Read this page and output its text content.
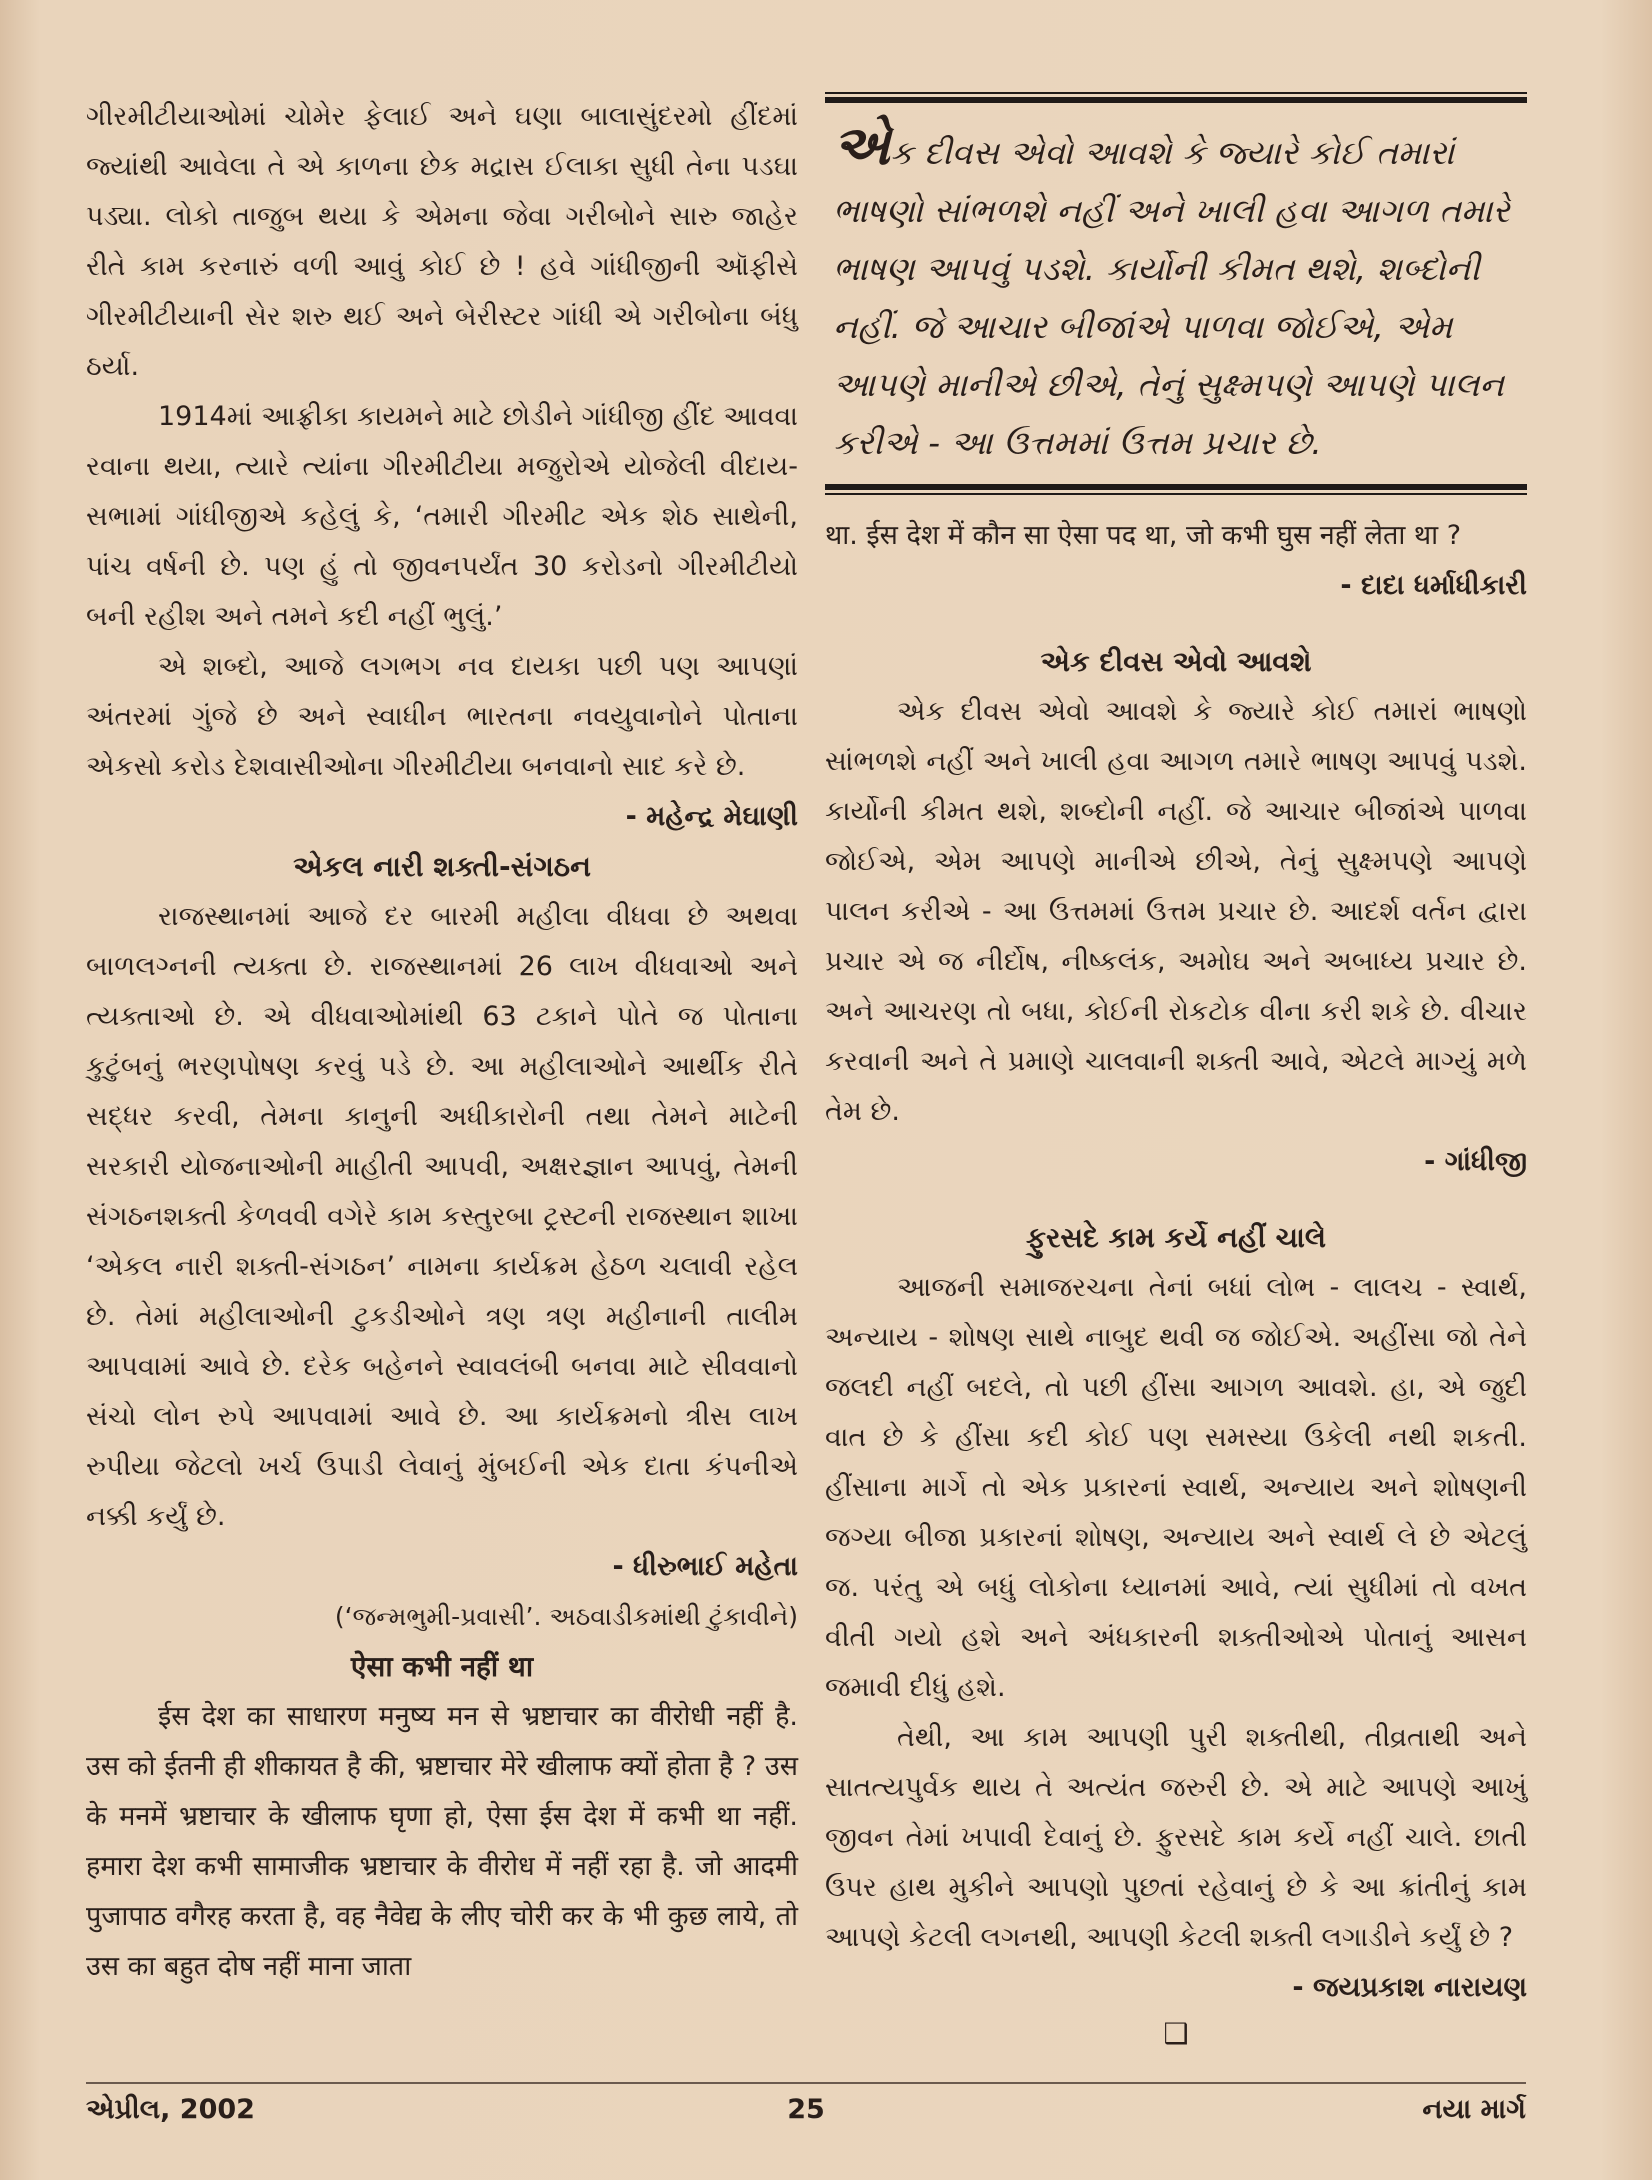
ગીરમીટીયાઓમાં ચોમેર ફેલાઈ અને ઘણા બાલાસુંદરમો હીંદમાં જ્યાંથી આવેલા તે એ કાળના છેક મદ્રાસ ઈલાકા સુધી તેના પડઘા પડ્યા. લોકો તાજુબ થયા કે એમના જેવા ગરીબોને સારુ જાહેર રીતે કામ કરનારું વળી આવું કોઈ છે ! હવે ગાંધીજીની ઑફીસે ગીરમીટીયાની સેર શરુ થઈ અને બેરીસ્ટર ગાંધી એ ગરીબોના બંધુ ઠર્યા.

1914માં આફ્રીકા કાયમને માટે છોડીને ગાંધીજી હીંદ આવવા રવાના થયા, ત્યારે ત્યાંના ગીરમીટીયા મજુરોએ યોજેલી વીદાય-સભામાં ગાંધીજીએ કહેલું કે, ‘તમારી ગીરમીટ એક શેઠ સાથેની, પાંચ વર્ષની છે. પણ હું તો જીવનપર્યંત 30 કરોડનો ગીરમીટીયો બની રહીશ અને તમને કદી નહીં ભુલું.’

એ શબ્દો, આજે લગભગ નવ દાયકા પછી પણ આપણાં અંતરમાં ગુંજે છે અને સ્વાધીન ભારતના નવયુવાનોને પોતાના એકસો કરોડ દેશવાસીઓના ગીરમીટીયા બનવાનો સાદ કરે છે.

- મહેન્દ્ર મેઘાણી

એકલ નારી શક્તી-સંગઠન

રાજસ્થાનમાં આજે દર બારમી મહીલા વીધવા છે અથવા બાળલગ્નની ત્યક્તા છે. રાજસ્થાનમાં 26 લાખ વીધવાઓ અને ત્યક્તાઓ છે. એ વીધવાઓમાંથી 63 ટકાને પોતે જ પોતાના કુટુંબનું ભરણપોષણ કરવું પડે છે. આ મહીલાઓને આર્થીક રીતે સદ્ધર કરવી, તેમના કાનુની અધીકારોની તથા તેમને માટેની સરકારી યોજનાઓની માહીતી આપવી, અક્ષરજ્ઞાન આપવું, તેમની સંગઠનશક્તી કેળવવી વગેરે કામ કસ્તુરબા ટ્રસ્ટની રાજસ્થાન શાખા ‘એકલ નારી શક્તી-સંગઠન’ નામના કાર્યક્રમ હેઠળ ચલાવી રહેલ છે. તેમાં મહીલાઓની ટુકડીઓને ત્રણ ત્રણ મહીનાની તાલીમ આપવામાં આવે છે. દરેક બહેનને સ્વાવલંબી બનવા માટે સીવવાનો સંચો લોન રુપે આપવામાં આવે છે. આ કાર્યક્રમનો ત્રીસ લાખ રુપીયા જેટલો ખર્ચ ઉપાડી લેવાનું મુંબઈની એક દાતા કંપનીએ નક્કી કર્યું છે.

- ધીરુભાઈ મહેતા

(‘જન્મભુમી-પ્રવાસી’. અઠવાડીકમાંથી ટુંકાવીને)

ऐसा कभी नहीं था

ईस देश का साधारण मनुष्य मन से भ्रष्टाचार का वीरोधी नहीं है. उस को ईतनी ही शीकायत है की, भ्रष्टाचार मेरे खीलाफ क्यों होता है ? उस के मनमें भ्रष्टाचार के खीलाफ घृणा हो, ऐसा ईस देश में कभी था नहीं. हमारा देश कभी सामाजीक भ्रष्टाचार के वीरोध में नहीं रहा है. जो आदमी पुजापाठ वगैरह करता है, वह नैवेद्य के लीए चोरी कर के भी कुछ लाये, तो उस का बहुत दोष नहीं माना जाता

એક દીવસ એવો આવશે કે જ્યારે કોઈ તમારાં ભાષણો સાંભળશે નહીં અને ખાલી હવા આગળ તમારે ભાષણ આપવું પડશે. કાર્યોની કીમત થશે, શબ્દોની નહીં. જે આચાર બીજાંએ પાળવા જોઈએ, એમ આપણે માનીએ છીએ, તેનું સુક્ષ્મપણે આપણે પાલન કરીએ - આ ઉત્તમમાં ઉત્તમ પ્રચાર છે.

था. ईस देश में कौन सा ऐसा पद था, जो कभी घुस नहीं लेता था ?

- દાદા ધર્માધીકારી

એક દીવસ એવો આવશે

એક દીવસ એવો આવશે કે જ્યારે કોઈ તમારાં ભાષણો સાંભળશે નહીં અને ખાલી હવા આગળ તમારે ભાષણ આપવું પડશે. કાર્યોની કીમત થશે, શબ્દોની નહીં. જે આચાર બીજાંએ પાળવા જોઈએ, એમ આપણે માનીએ છીએ, તેનું સુક્ષ્મપણે આપણે પાલન કરીએ - આ ઉત્તમમાં ઉત્તમ પ્રચાર છે. આદર્શ વર્તન દ્વારા પ્રચાર એ જ નીર્દોષ, નીષ્કલંક, અમોઘ અને અબાધ્ય પ્રચાર છે. અને આચરણ તો બધા, કોઈની રોકટોક વીના કરી શકે છે. વીચાર કરવાની અને તે પ્રમાણે ચાલવાની શક્તી આવે, એટલે માગ્યું મળે તેમ છે.

- ગાંધીજી

ફુરસદે કામ કર્યે નહીં ચાલે

આજની સમાજરચના તેનાં બધાં લોભ - લાલચ - સ્વાર્થ, અન્યાય - શોષણ સાથે નાબુદ થવી જ જોઈએ. અહીંસા જો તેને જલદી નહીં બદલે, તો પછી હીંસા આગળ આવશે. હા, એ જુદી વાત છે કે હીંસા કદી કોઈ પણ સમસ્યા ઉકેલી નથી શકતી. હીંસાના માર્ગે તો એક પ્રકારનાં સ્વાર્થ, અન્યાય અને શોષણની જગ્યા બીજા પ્રકારનાં શોષણ, અન્યાય અને સ્વાર્થ લે છે એટલું જ. પરંતુ એ બધું લોકોના ધ્યાનમાં આવે, ત્યાં સુધીમાં તો વખત વીતી ગયો હશે અને અંધકારની શક્તીઓએ પોતાનું આસન જમાવી દીધું હશે.

તેથી, આ કામ આપણી પુરી શક્તીથી, તીવ્રતાથી અને સાતત્યપુર્વક થાય તે અત્યંત જરુરી છે. એ માટે આપણે આખું જીવન તેમાં ખપાવી દેવાનું છે. ફુરસદે કામ કર્યે નહીં ચાલે. છાતી ઉપર હાથ મુકીને આપણો પુછતાં રહેવાનું છે કે આ ક્રાંતીનું કામ આપણે કેટલી લગનથી, આપણી કેટલી શક્તી લગાડીને કર્યું છે ?

- જયપ્રકાશ નારાયણ

❑
એપ્રીલ, 2002	25	નયા માર્ગ
